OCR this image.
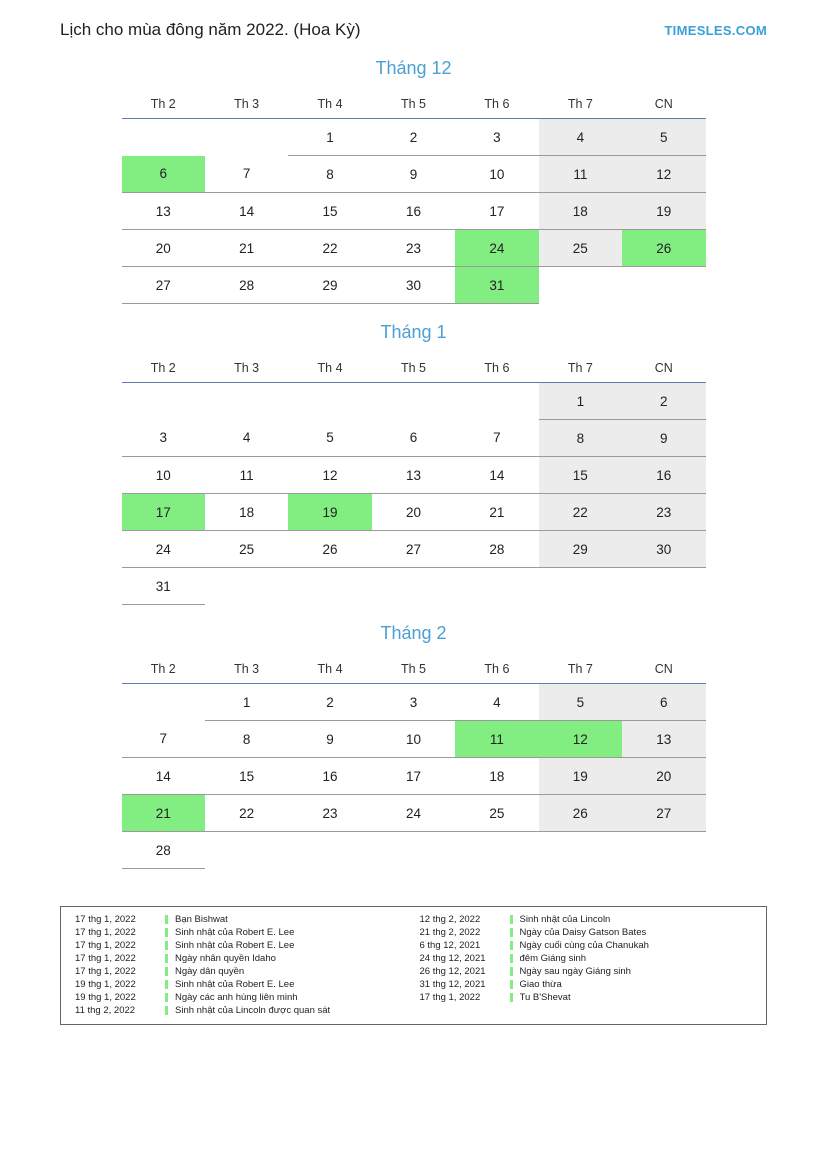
Lịch cho mùa đông năm 2022. (Hoa Kỳ)	TIMESLES.COM
Tháng 12
Th 2	Th 3	Th 4	Th 5	Th 6	Th 7	CN
		1	2	3	4	5
6	7	8	9	10	11	12
13	14	15	16	17	18	19
20	21	22	23	24	25	26
27	28	29	30	31		
Tháng 1
Th 2	Th 3	Th 4	Th 5	Th 6	Th 7	CN
					1	2
3	4	5	6	7	8	9
10	11	12	13	14	15	16
17	18	19	20	21	22	23
24	25	26	27	28	29	30
31						
Tháng 2
Th 2	Th 3	Th 4	Th 5	Th 6	Th 7	CN
	1	2	3	4	5	6
7	8	9	10	11	12	13
14	15	16	17	18	19	20
21	22	23	24	25	26	27
28						
17 thg 1, 2022	Bạn Bishwat
17 thg 1, 2022	Sinh nhật của Robert E. Lee
17 thg 1, 2022	Sinh nhật của Robert E. Lee
17 thg 1, 2022	Ngày nhân quyền Idaho
17 thg 1, 2022	Ngày dân quyền
19 thg 1, 2022	Sinh nhật của Robert E. Lee
19 thg 1, 2022	Ngày các anh hùng liên minh
11 thg 2, 2022	Sinh nhật của Lincoln được quan sát
12 thg 2, 2022	Sinh nhật của Lincoln
21 thg 2, 2022	Ngày của Daisy Gatson Bates
6 thg 12, 2021	Ngày cuối cùng của Chanukah
24 thg 12, 2021	đêm Giáng sinh
26 thg 12, 2021	Ngày sau ngày Giáng sinh
31 thg 12, 2021	Giao thừa
17 thg 1, 2022	Tu B'Shevat
